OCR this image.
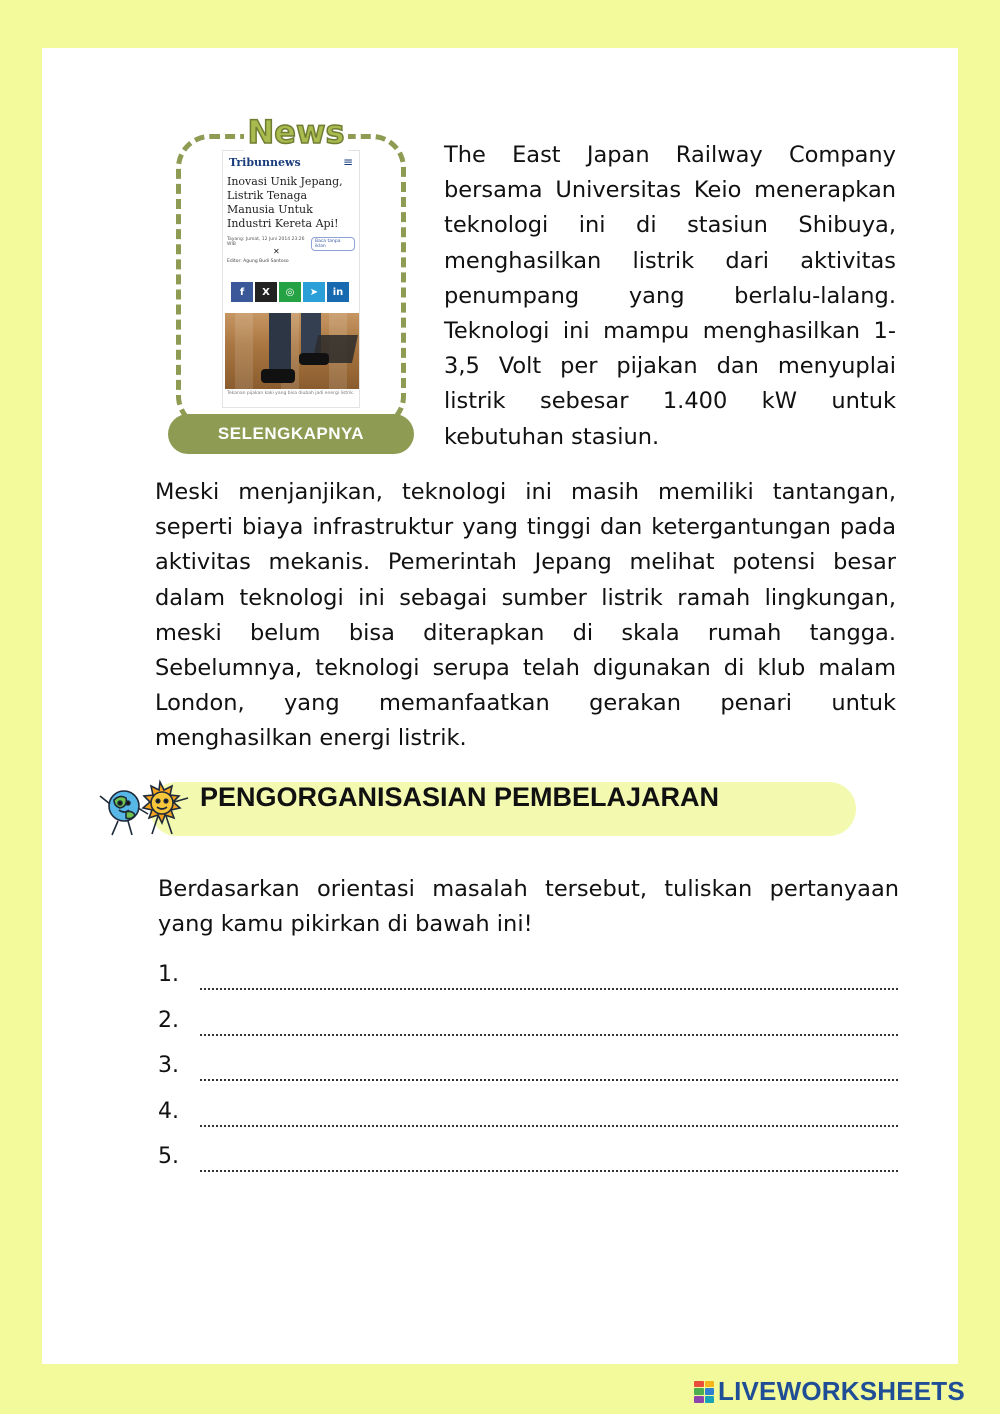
Tribunnews	≡
Inovasi Unik Jepang, Listrik Tenaga Manusia Untuk Industri Kereta Api!
Tayang: Jumat, 12 Juni 2014 23:26 WIB
Baca tanpa iklan
✕
Editor: Agung Budi Santoso
f	X	◎	➤	in
Tekanan pijakan kaki yang bisa diubah jadi energi listrik.
News
SELENGKAPNYA
The East Japan Railway Company bersama Universitas Keio menerapkan teknologi ini di stasiun Shibuya, menghasilkan listrik dari aktivitas penumpang yang berlalu-lalang. Teknologi ini mampu menghasilkan 1-3,5 Volt per pijakan dan menyuplai listrik sebesar 1.400 kW untuk kebutuhan stasiun.
Meski menjanjikan, teknologi ini masih memiliki tantangan, seperti biaya infrastruktur yang tinggi dan ketergantungan pada aktivitas mekanis. Pemerintah Jepang melihat potensi besar dalam teknologi ini sebagai sumber listrik ramah lingkungan, meski belum bisa diterapkan di skala rumah tangga. Sebelumnya, teknologi serupa telah digunakan di klub malam London, yang memanfaatkan gerakan penari untuk menghasilkan energi listrik.
PENGORGANISASIAN PEMBELAJARAN
Berdasarkan orientasi masalah tersebut, tuliskan pertanyaan yang kamu pikirkan di bawah ini!
1.
2.
3.
4.
5.
LIVEWORKSHEETS
